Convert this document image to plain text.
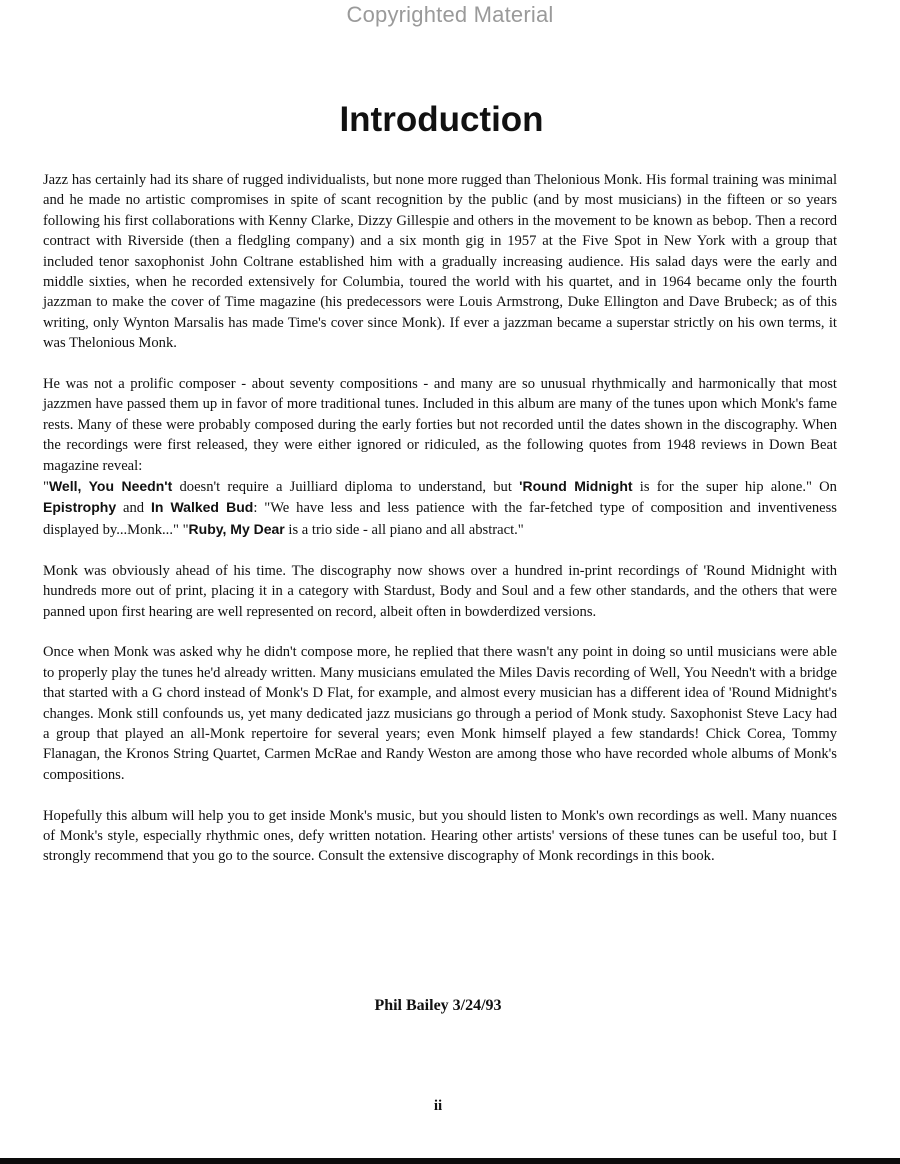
Copyrighted Material
Introduction

Jazz has certainly had its share of rugged individualists, but none more rugged than Thelonious Monk. His formal training was minimal and he made no artistic compromises in spite of scant recognition by the public (and by most musicians) in the fifteen or so years following his first collaborations with Kenny Clarke, Dizzy Gillespie and others in the movement to be known as bebop. Then a record contract with Riverside (then a fledgling company) and a six month gig in 1957 at the Five Spot in New York with a group that included tenor saxophonist John Coltrane established him with a gradually increasing audience. His salad days were the early and middle sixties, when he recorded extensively for Columbia, toured the world with his quartet, and in 1964 became only the fourth jazzman to make the cover of Time magazine (his predecessors were Louis Armstrong, Duke Ellington and Dave Brubeck; as of this writing, only Wynton Marsalis has made Time's cover since Monk). If ever a jazzman became a superstar strictly on his own terms, it was Thelonious Monk.

He was not a prolific composer - about seventy compositions - and many are so unusual rhythmically and harmonically that most jazzmen have passed them up in favor of more traditional tunes. Included in this album are many of the tunes upon which Monk's fame rests. Many of these were probably composed during the early forties but not recorded until the dates shown in the discography. When the recordings were first released, they were either ignored or ridiculed, as the following quotes from 1948 reviews in Down Beat magazine reveal:
"Well, You Needn't doesn't require a Juilliard diploma to understand, but 'Round Midnight is for the super hip alone." On Epistrophy and In Walked Bud: "We have less and less patience with the far-fetched type of composition and inventiveness displayed by...Monk..." "Ruby, My Dear is a trio side - all piano and all abstract."

Monk was obviously ahead of his time. The discography now shows over a hundred in-print recordings of 'Round Midnight with hundreds more out of print, placing it in a category with Stardust, Body and Soul and a few other standards, and the others that were panned upon first hearing are well represented on record, albeit often in bowderdized versions.

Once when Monk was asked why he didn't compose more, he replied that there wasn't any point in doing so until musicians were able to properly play the tunes he'd already written. Many musicians emulated the Miles Davis recording of Well, You Needn't with a bridge that started with a G chord instead of Monk's D Flat, for example, and almost every musician has a different idea of 'Round Midnight's changes. Monk still confounds us, yet many dedicated jazz musicians go through a period of Monk study. Saxophonist Steve Lacy had a group that played an all-Monk repertoire for several years; even Monk himself played a few standards! Chick Corea, Tommy Flanagan, the Kronos String Quartet, Carmen McRae and Randy Weston are among those who have recorded whole albums of Monk's compositions.

Hopefully this album will help you to get inside Monk's music, but you should listen to Monk's own recordings as well. Many nuances of Monk's style, especially rhythmic ones, defy written notation. Hearing other artists' versions of these tunes can be useful too, but I strongly recommend that you go to the source. Consult the extensive discography of Monk recordings in this book.

Phil Bailey 3/24/93
ii
